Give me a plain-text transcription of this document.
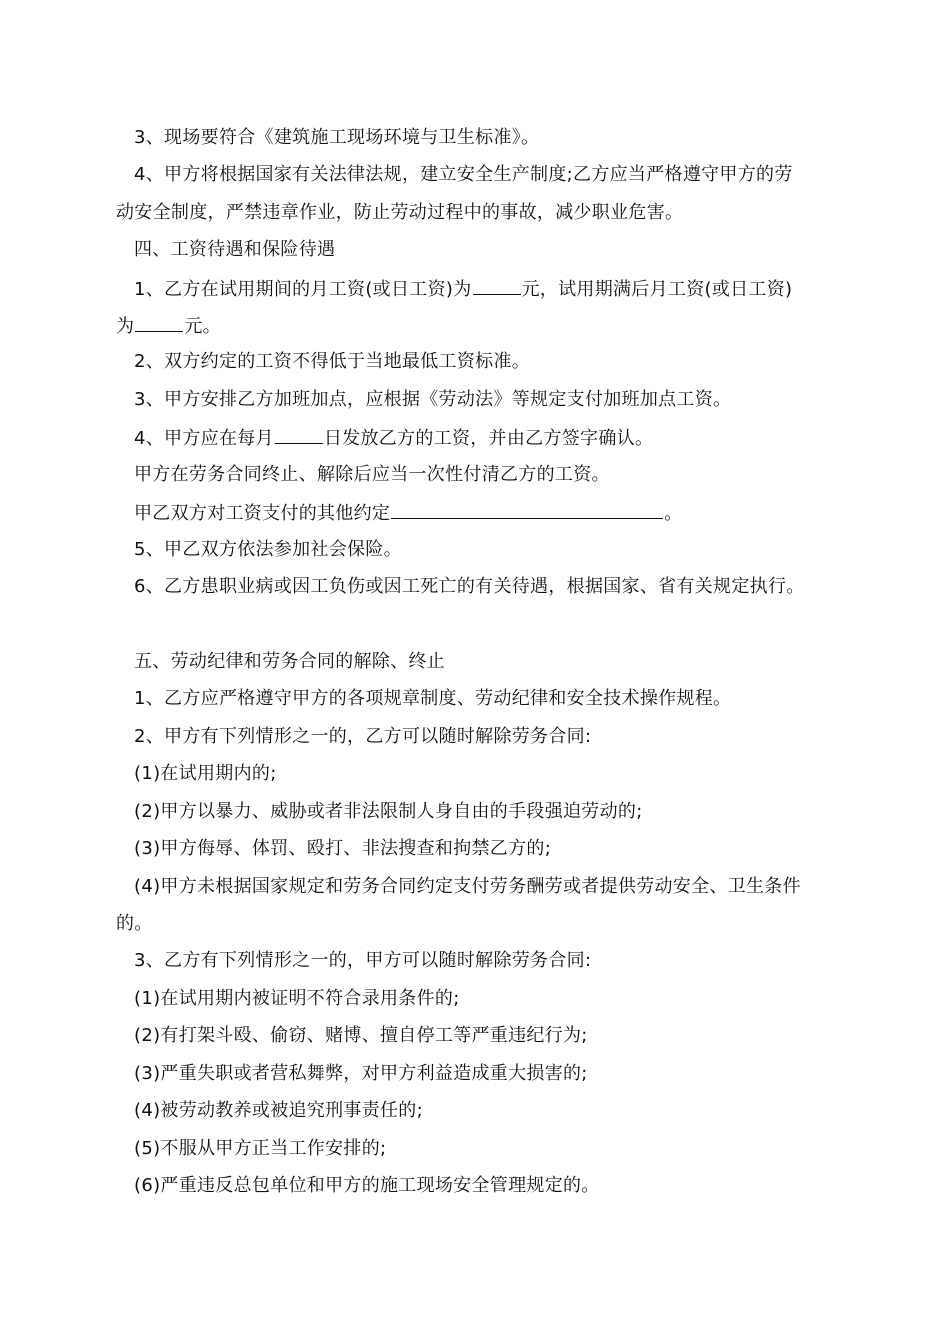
3、现场要符合《建筑施工现场环境与卫生标准》。
4、甲方将根据国家有关法律法规，建立安全生产制度;乙方应当严格遵守甲方的劳
动安全制度，严禁违章作业，防止劳动过程中的事故，减少职业危害。
四、工资待遇和保险待遇
1、乙方在试用期间的月工资(或日工资)为	元，试用期满后月工资(或日工资)
为	元。
2、双方约定的工资不得低于当地最低工资标准。
3、甲方安排乙方加班加点，应根据《劳动法》等规定支付加班加点工资。
4、甲方应在每月	日发放乙方的工资，并由乙方签字确认。
甲方在劳务合同终止、解除后应当一次性付清乙方的工资。
甲乙双方对工资支付的其他约定	。
5、甲乙双方依法参加社会保险。
6、乙方患职业病或因工负伤或因工死亡的有关待遇，根据国家、省有关规定执行。
五、劳动纪律和劳务合同的解除、终止
1、乙方应严格遵守甲方的各项规章制度、劳动纪律和安全技术操作规程。
2、甲方有下列情形之一的，乙方可以随时解除劳务合同:
(1)在试用期内的;
(2)甲方以暴力、威胁或者非法限制人身自由的手段强迫劳动的;
(3)甲方侮辱、体罚、殴打、非法搜查和拘禁乙方的;
(4)甲方未根据国家规定和劳务合同约定支付劳务酬劳或者提供劳动安全、卫生条件
的。
3、乙方有下列情形之一的，甲方可以随时解除劳务合同:
(1)在试用期内被证明不符合录用条件的;
(2)有打架斗殴、偷窃、赌博、擅自停工等严重违纪行为;
(3)严重失职或者营私舞弊，对甲方利益造成重大损害的;
(4)被劳动教养或被追究刑事责任的;
(5)不服从甲方正当工作安排的;
(6)严重违反总包单位和甲方的施工现场安全管理规定的。
